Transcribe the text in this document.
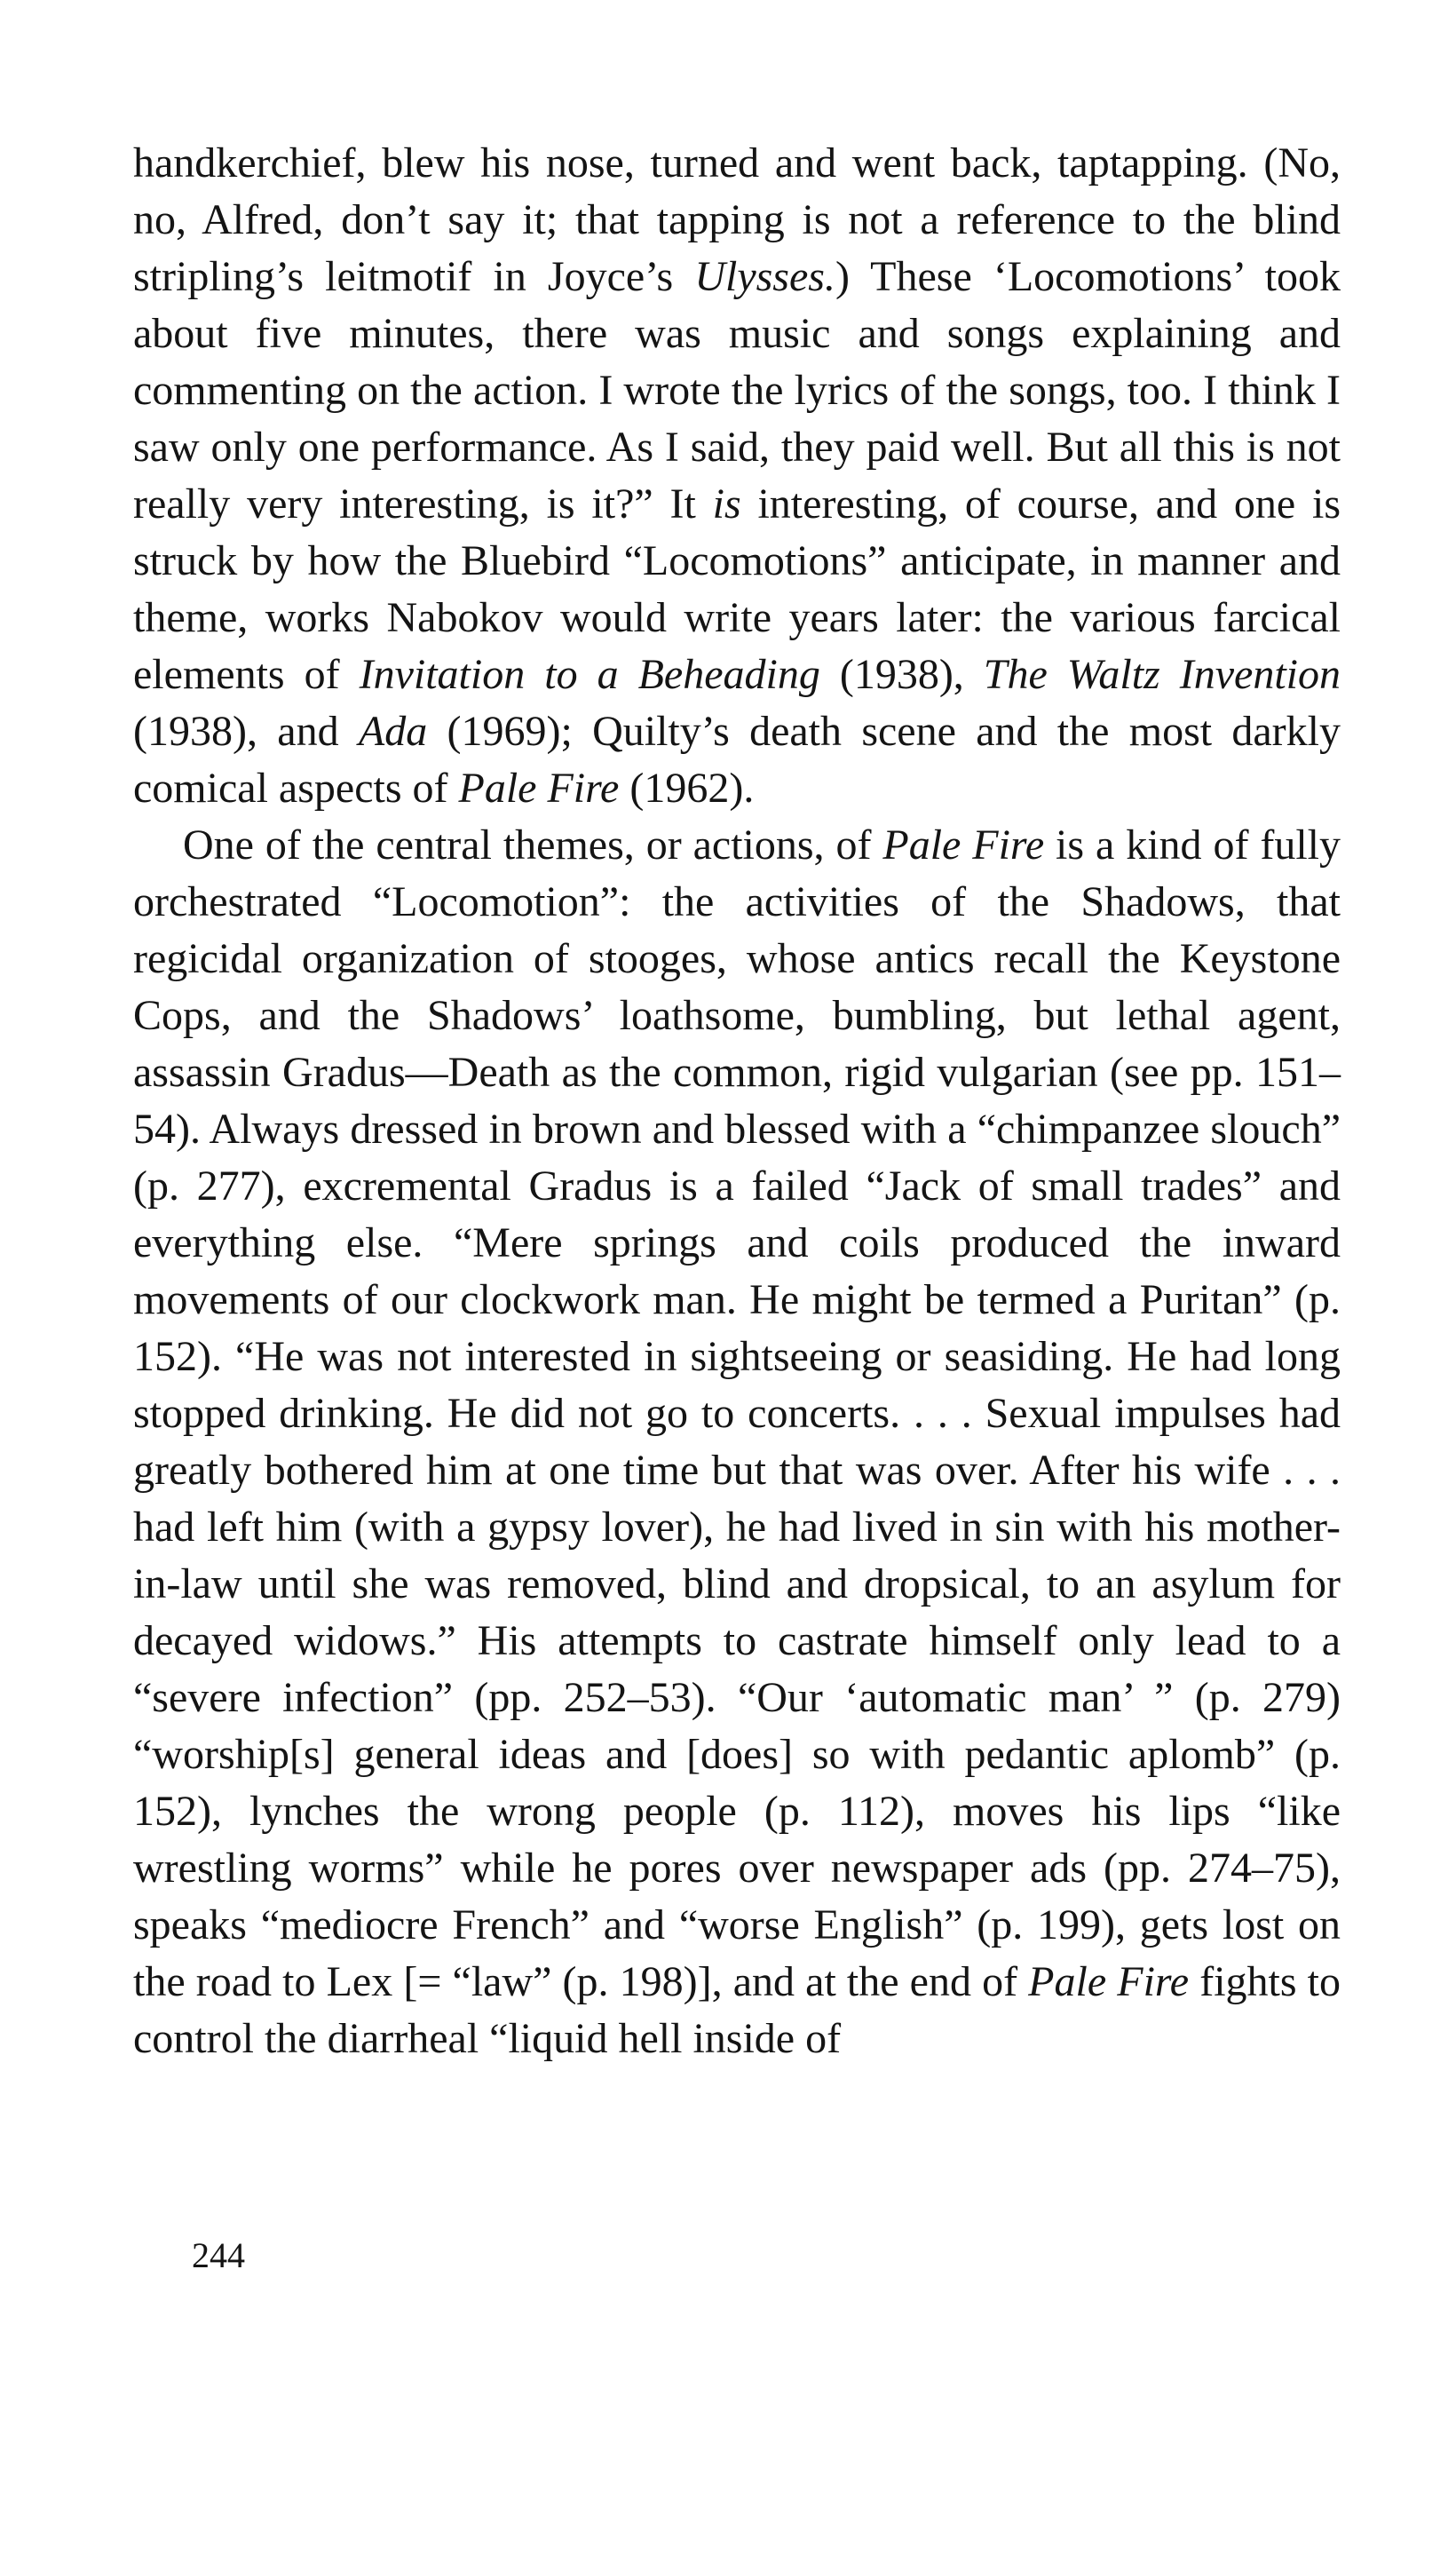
handkerchief, blew his nose, turned and went back, taptapping. (No, no, Alfred, don’t say it; that tapping is not a reference to the blind stripling’s leitmotif in Joyce’s Ulysses.) These ‘Locomotions’ took about five minutes, there was music and songs explaining and commenting on the action. I wrote the lyrics of the songs, too. I think I saw only one performance. As I said, they paid well. But all this is not really very interesting, is it?” It is interesting, of course, and one is struck by how the Bluebird “Locomotions” anticipate, in manner and theme, works Nabokov would write years later: the various farcical elements of Invitation to a Beheading (1938), The Waltz Invention (1938), and Ada (1969); Quilty’s death scene and the most darkly comical aspects of Pale Fire (1962).

One of the central themes, or actions, of Pale Fire is a kind of fully orchestrated “Locomotion”: the activities of the Shadows, that regicidal organization of stooges, whose antics recall the Keystone Cops, and the Shadows’ loathsome, bumbling, but lethal agent, assassin Gradus—Death as the common, rigid vulgarian (see pp. 151–54). Always dressed in brown and blessed with a “chimpanzee slouch” (p. 277), excremental Gradus is a failed “Jack of small trades” and everything else. “Mere springs and coils produced the inward movements of our clockwork man. He might be termed a Puritan” (p. 152). “He was not interested in sightseeing or seasiding. He had long stopped drinking. He did not go to concerts. . . . Sexual impulses had greatly bothered him at one time but that was over. After his wife . . . had left him (with a gypsy lover), he had lived in sin with his mother-in-law until she was removed, blind and dropsical, to an asylum for decayed widows.” His attempts to castrate himself only lead to a “severe infection” (pp. 252–53). “Our ‘automatic man’ ” (p. 279) “worship[s] general ideas and [does] so with pedantic aplomb” (p. 152), lynches the wrong people (p. 112), moves his lips “like wrestling worms” while he pores over newspaper ads (pp. 274–75), speaks “mediocre French” and “worse English” (p. 199), gets lost on the road to Lex [= “law” (p. 198)], and at the end of Pale Fire fights to control the diarrheal “liquid hell inside of

244
